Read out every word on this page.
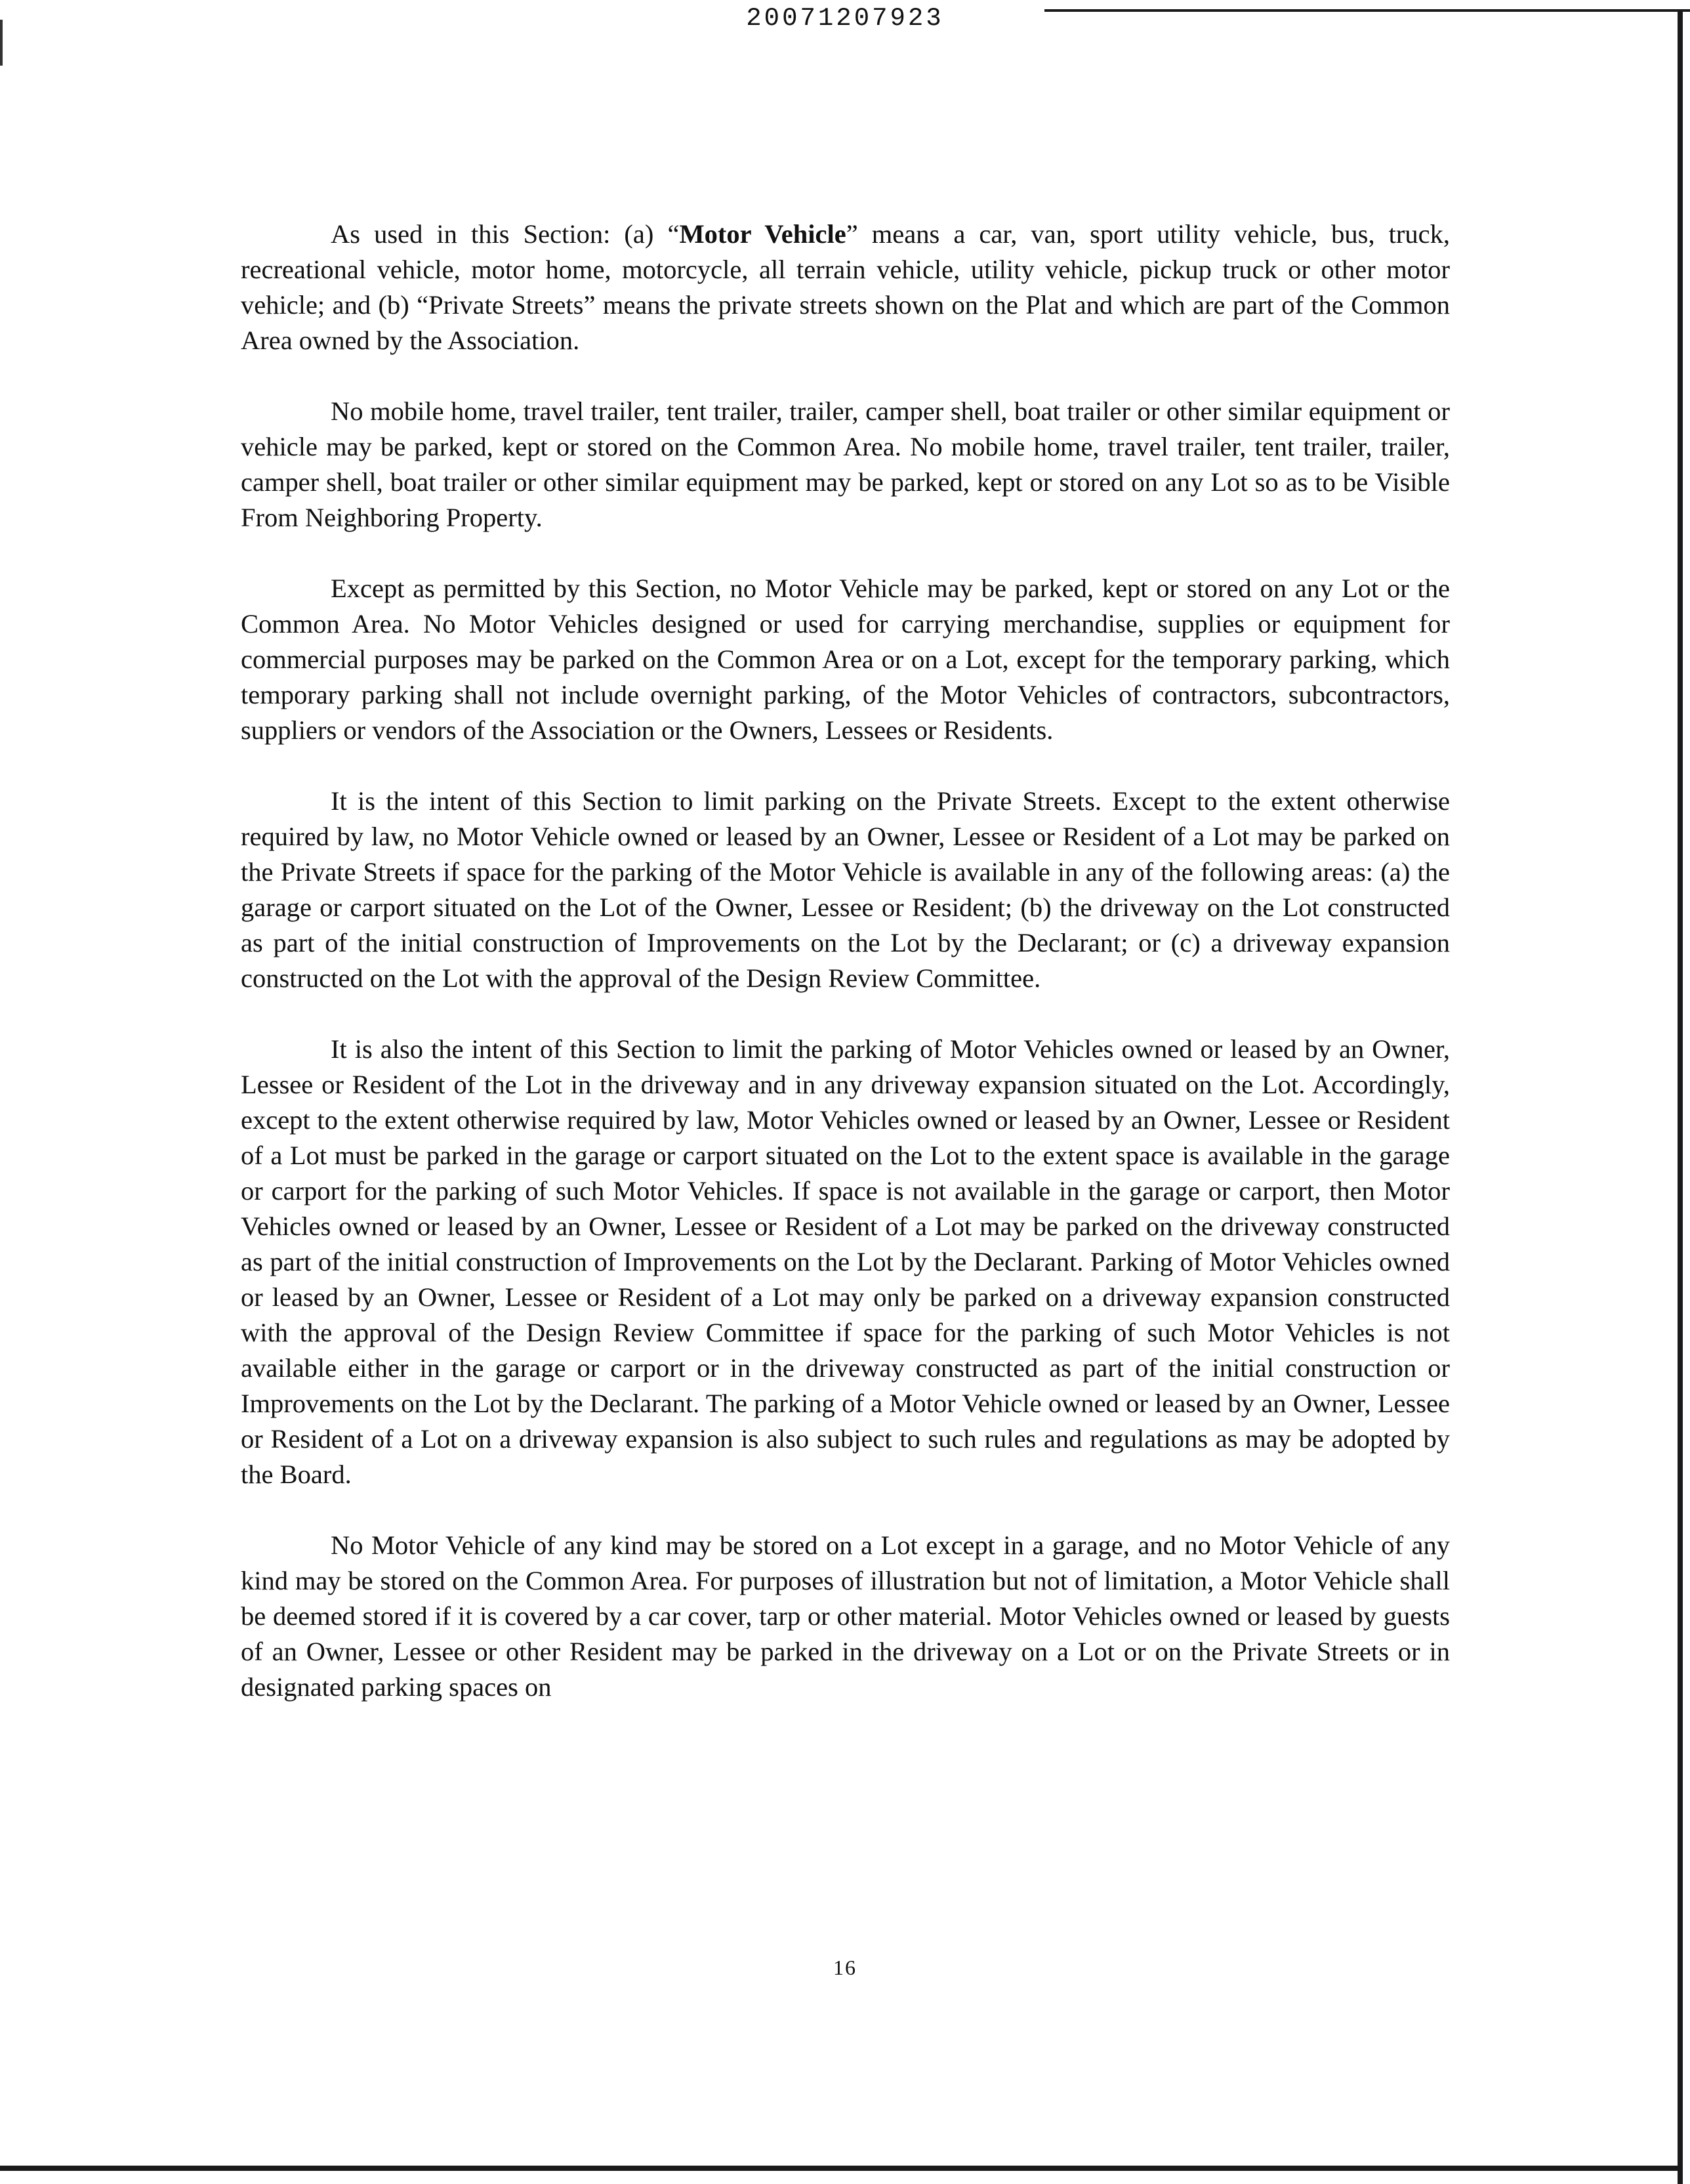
20071207923

As used in this Section: (a) “Motor Vehicle” means a car, van, sport utility vehicle, bus, truck, recreational vehicle, motor home, motorcycle, all terrain vehicle, utility vehicle, pickup truck or other motor vehicle; and (b) “Private Streets” means the private streets shown on the Plat and which are part of the Common Area owned by the Association.

No mobile home, travel trailer, tent trailer, trailer, camper shell, boat trailer or other similar equipment or vehicle may be parked, kept or stored on the Common Area. No mobile home, travel trailer, tent trailer, trailer, camper shell, boat trailer or other similar equipment may be parked, kept or stored on any Lot so as to be Visible From Neighboring Property.

Except as permitted by this Section, no Motor Vehicle may be parked, kept or stored on any Lot or the Common Area. No Motor Vehicles designed or used for carrying merchandise, supplies or equipment for commercial purposes may be parked on the Common Area or on a Lot, except for the temporary parking, which temporary parking shall not include overnight parking, of the Motor Vehicles of contractors, subcontractors, suppliers or vendors of the Association or the Owners, Lessees or Residents.

It is the intent of this Section to limit parking on the Private Streets. Except to the extent otherwise required by law, no Motor Vehicle owned or leased by an Owner, Lessee or Resident of a Lot may be parked on the Private Streets if space for the parking of the Motor Vehicle is available in any of the following areas: (a) the garage or carport situated on the Lot of the Owner, Lessee or Resident; (b) the driveway on the Lot constructed as part of the initial construction of Improvements on the Lot by the Declarant; or (c) a driveway expansion constructed on the Lot with the approval of the Design Review Committee.

It is also the intent of this Section to limit the parking of Motor Vehicles owned or leased by an Owner, Lessee or Resident of the Lot in the driveway and in any driveway expansion situated on the Lot. Accordingly, except to the extent otherwise required by law, Motor Vehicles owned or leased by an Owner, Lessee or Resident of a Lot must be parked in the garage or carport situated on the Lot to the extent space is available in the garage or carport for the parking of such Motor Vehicles. If space is not available in the garage or carport, then Motor Vehicles owned or leased by an Owner, Lessee or Resident of a Lot may be parked on the driveway constructed as part of the initial construction of Improvements on the Lot by the Declarant. Parking of Motor Vehicles owned or leased by an Owner, Lessee or Resident of a Lot may only be parked on a driveway expansion constructed with the approval of the Design Review Committee if space for the parking of such Motor Vehicles is not available either in the garage or carport or in the driveway constructed as part of the initial construction or Improvements on the Lot by the Declarant. The parking of a Motor Vehicle owned or leased by an Owner, Lessee or Resident of a Lot on a driveway expansion is also subject to such rules and regulations as may be adopted by the Board.

No Motor Vehicle of any kind may be stored on a Lot except in a garage, and no Motor Vehicle of any kind may be stored on the Common Area. For purposes of illustration but not of limitation, a Motor Vehicle shall be deemed stored if it is covered by a car cover, tarp or other material. Motor Vehicles owned or leased by guests of an Owner, Lessee or other Resident may be parked in the driveway on a Lot or on the Private Streets or in designated parking spaces on

16
